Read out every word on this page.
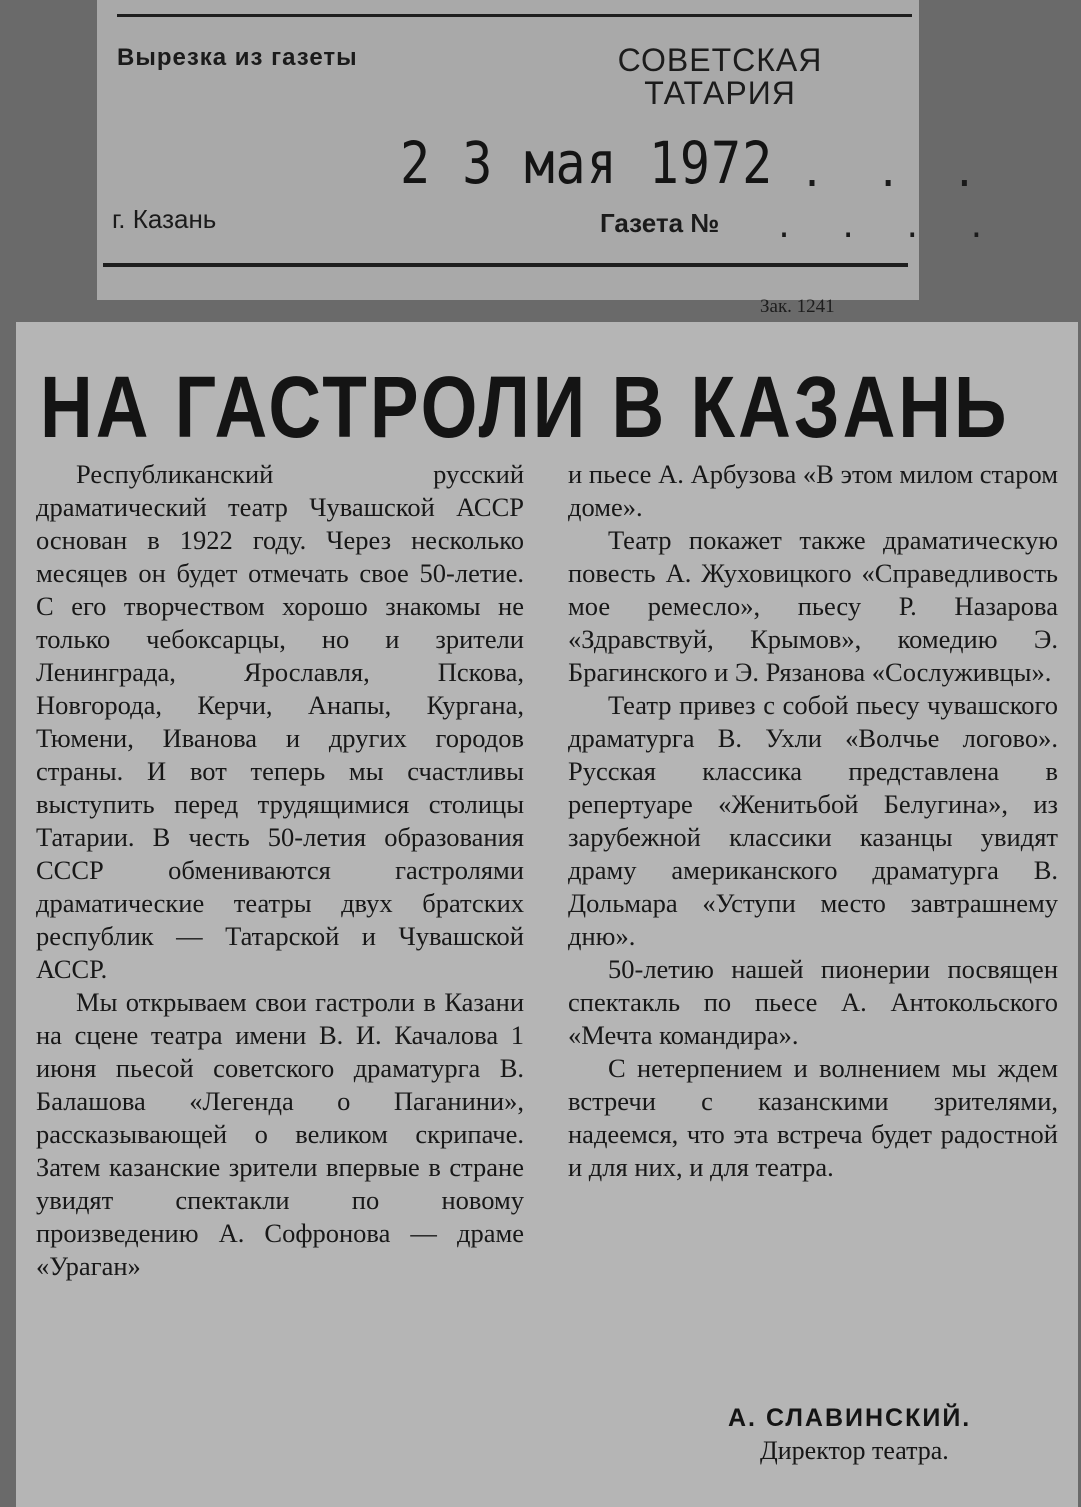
Вырезка из газеты	СОВЕТСКАЯ ТАТАРИЯ
2 3 мая 1972 . . .
г. Казань	Газета № . . . .
Зак. 1241
НА ГАСТРОЛИ В КАЗАНЬ

Республиканский русский драматический театр Чувашской АССР основан в 1922 году. Через несколько месяцев он будет отмечать свое 50-летие. С его творчеством хорошо знакомы не только чебоксарцы, но и зрители Ленинграда, Ярославля, Пскова, Новгорода, Керчи, Анапы, Кургана, Тюмени, Иванова и других городов страны. И вот теперь мы счастливы выступить перед трудящимися столицы Татарии. В честь 50-летия образования СССР обмениваются гастролями драматические театры двух братских республик — Татарской и Чувашской АССР.

Мы открываем свои гастроли в Казани на сцене театра имени В. И. Качалова 1 июня пьесой советского драматурга В. Балашова «Легенда о Паганини», рассказывающей о великом скрипаче. Затем казанские зрители впервые в стране увидят спектакли по новому произведению А. Софронова — драме «Ураган»

и пьесе А. Арбузова «В этом милом старом доме».

Театр покажет также драматическую повесть А. Жуховицкого «Справедливость мое ремесло», пьесу Р. Назарова «Здравствуй, Крымов», комедию Э. Брагинского и Э. Рязанова «Сослуживцы».

Театр привез с собой пьесу чувашского драматурга В. Ухли «Волчье логово». Русская классика представлена в репертуаре «Женитьбой Белугина», из зарубежной классики казанцы увидят драму американского драматурга В. Дольмара «Уступи место завтрашнему дню».

50-летию нашей пионерии посвящен спектакль по пьесе А. Антокольского «Мечта командира».

С нетерпением и волнением мы ждем встречи с казанскими зрителями, надеемся, что эта встреча будет радостной и для них, и для театра.

А. СЛАВИНСКИЙ.
Директор театра.
